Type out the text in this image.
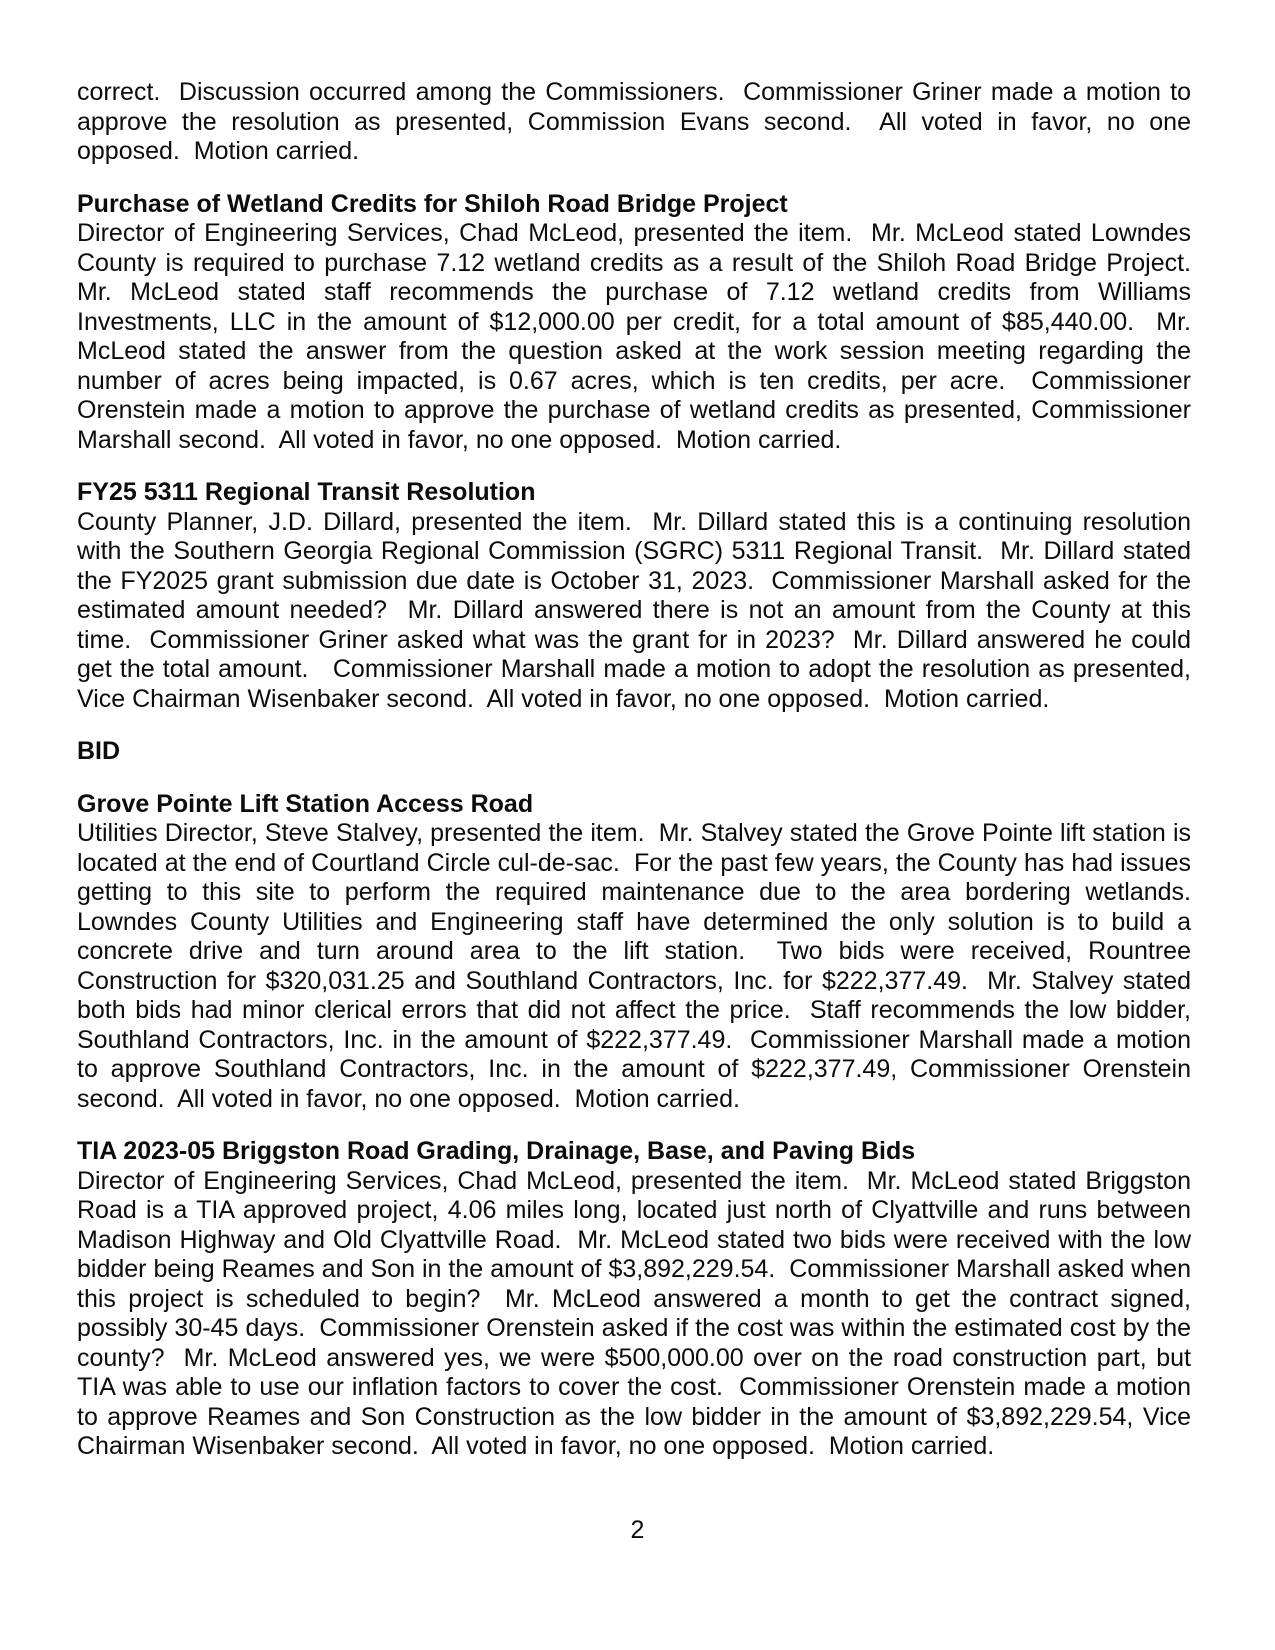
correct.  Discussion occurred among the Commissioners.  Commissioner Griner made a motion to approve the resolution as presented, Commission Evans second.  All voted in favor, no one opposed.  Motion carried.

Purchase of Wetland Credits for Shiloh Road Bridge Project

Director of Engineering Services, Chad McLeod, presented the item.  Mr. McLeod stated Lowndes County is required to purchase 7.12 wetland credits as a result of the Shiloh Road Bridge Project.  Mr. McLeod stated staff recommends the purchase of 7.12 wetland credits from Williams Investments, LLC in the amount of $12,000.00 per credit, for a total amount of $85,440.00.  Mr. McLeod stated the answer from the question asked at the work session meeting regarding the number of acres being impacted, is 0.67 acres, which is ten credits, per acre.  Commissioner Orenstein made a motion to approve the purchase of wetland credits as presented, Commissioner Marshall second.  All voted in favor, no one opposed.  Motion carried.

FY25 5311 Regional Transit Resolution

County Planner, J.D. Dillard, presented the item.  Mr. Dillard stated this is a continuing resolution with the Southern Georgia Regional Commission (SGRC) 5311 Regional Transit.  Mr. Dillard stated the FY2025 grant submission due date is October 31, 2023.  Commissioner Marshall asked for the estimated amount needed?  Mr. Dillard answered there is not an amount from the County at this time.  Commissioner Griner asked what was the grant for in 2023?  Mr. Dillard answered he could get the total amount.   Commissioner Marshall made a motion to adopt the resolution as presented, Vice Chairman Wisenbaker second.  All voted in favor, no one opposed.  Motion carried.

BID
Grove Pointe Lift Station Access Road

Utilities Director, Steve Stalvey, presented the item.  Mr. Stalvey stated the Grove Pointe lift station is located at the end of Courtland Circle cul-de-sac.  For the past few years, the County has had issues getting to this site to perform the required maintenance due to the area bordering wetlands.  Lowndes County Utilities and Engineering staff have determined the only solution is to build a concrete drive and turn around area to the lift station.  Two bids were received, Rountree Construction for $320,031.25 and Southland Contractors, Inc. for $222,377.49.  Mr. Stalvey stated both bids had minor clerical errors that did not affect the price.  Staff recommends the low bidder, Southland Contractors, Inc. in the amount of $222,377.49.  Commissioner Marshall made a motion to approve Southland Contractors, Inc. in the amount of $222,377.49, Commissioner Orenstein second.  All voted in favor, no one opposed.  Motion carried.

TIA 2023-05 Briggston Road Grading, Drainage, Base, and Paving Bids

Director of Engineering Services, Chad McLeod, presented the item.  Mr. McLeod stated Briggston Road is a TIA approved project, 4.06 miles long, located just north of Clyattville and runs between Madison Highway and Old Clyattville Road.  Mr. McLeod stated two bids were received with the low bidder being Reames and Son in the amount of $3,892,229.54.  Commissioner Marshall asked when this project is scheduled to begin?  Mr. McLeod answered a month to get the contract signed, possibly 30-45 days.  Commissioner Orenstein asked if the cost was within the estimated cost by the county?  Mr. McLeod answered yes, we were $500,000.00 over on the road construction part, but TIA was able to use our inflation factors to cover the cost.  Commissioner Orenstein made a motion to approve Reames and Son Construction as the low bidder in the amount of $3,892,229.54, Vice Chairman Wisenbaker second.  All voted in favor, no one opposed.  Motion carried.

2
